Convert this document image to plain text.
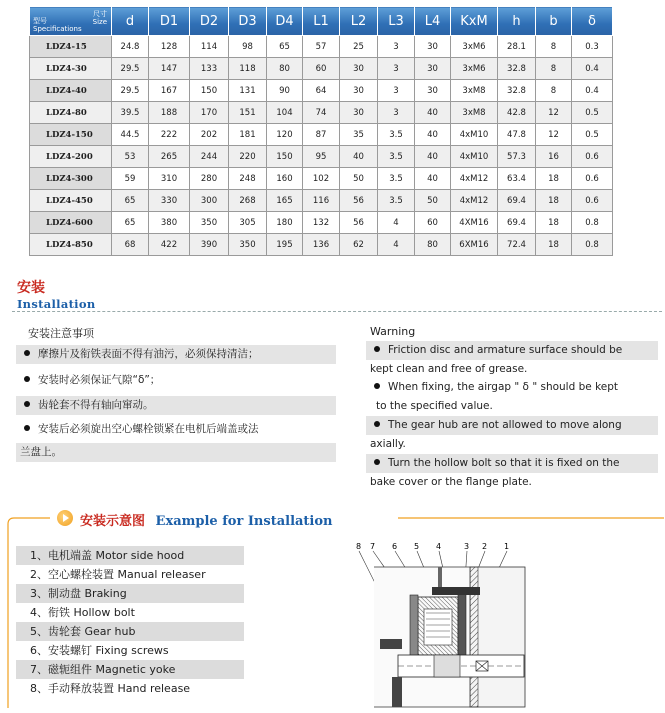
尺寸
Size
型号
Specifications	d	D1	D2	D3	D4	L1	L2	L3	L4	KxM	h	b	δ
LDZ4-15	24.8	128	114	98	65	57	25	3	30	3xM6	28.1	8	0.3
LDZ4-30	29.5	147	133	118	80	60	30	3	30	3xM6	32.8	8	0.4
LDZ4-40	29.5	167	150	131	90	64	30	3	30	3xM8	32.8	8	0.4
LDZ4-80	39.5	188	170	151	104	74	30	3	40	3xM8	42.8	12	0.5
LDZ4-150	44.5	222	202	181	120	87	35	3.5	40	4xM10	47.8	12	0.5
LDZ4-200	53	265	244	220	150	95	40	3.5	40	4xM10	57.3	16	0.6
LDZ4-300	59	310	280	248	160	102	50	3.5	40	4xM12	63.4	18	0.6
LDZ4-450	65	330	300	268	165	116	56	3.5	50	4xM12	69.4	18	0.6
LDZ4-600	65	380	350	305	180	132	56	4	60	4XM16	69.4	18	0.8
LDZ4-850	68	422	390	350	195	136	62	4	80	6XM16	72.4	18	0.8
安装
Installation
安装注意事项
摩擦片及衔铁表面不得有油污，必须保持清洁；
安装时必须保证气隙“δ”；
齿轮套不得有轴向窜动。
安装后必须旋出空心螺栓锁紧在电机后端盖或法
兰盘上。
Warning
Friction disc and armature surface should be
kept clean and free of grease.
When fixing, the airgap " δ " should be kept
to the specified value.
The gear hub are not allowed to move along
axially.
Turn the hollow bolt so that it is fixed on the
bake cover or the flange plate.
安装示意图 Example for Installation
1、电机端盖 Motor side hood
2、空心螺栓装置 Manual releaser
3、制动盘 Braking
4、衔铁 Hollow bolt
5、齿轮套 Gear hub
6、安装螺钉 Fixing screws
7、磁轭组件 Magnetic yoke
8、手动释放装置 Hand release
8 7 6 5 4	3 2 1
